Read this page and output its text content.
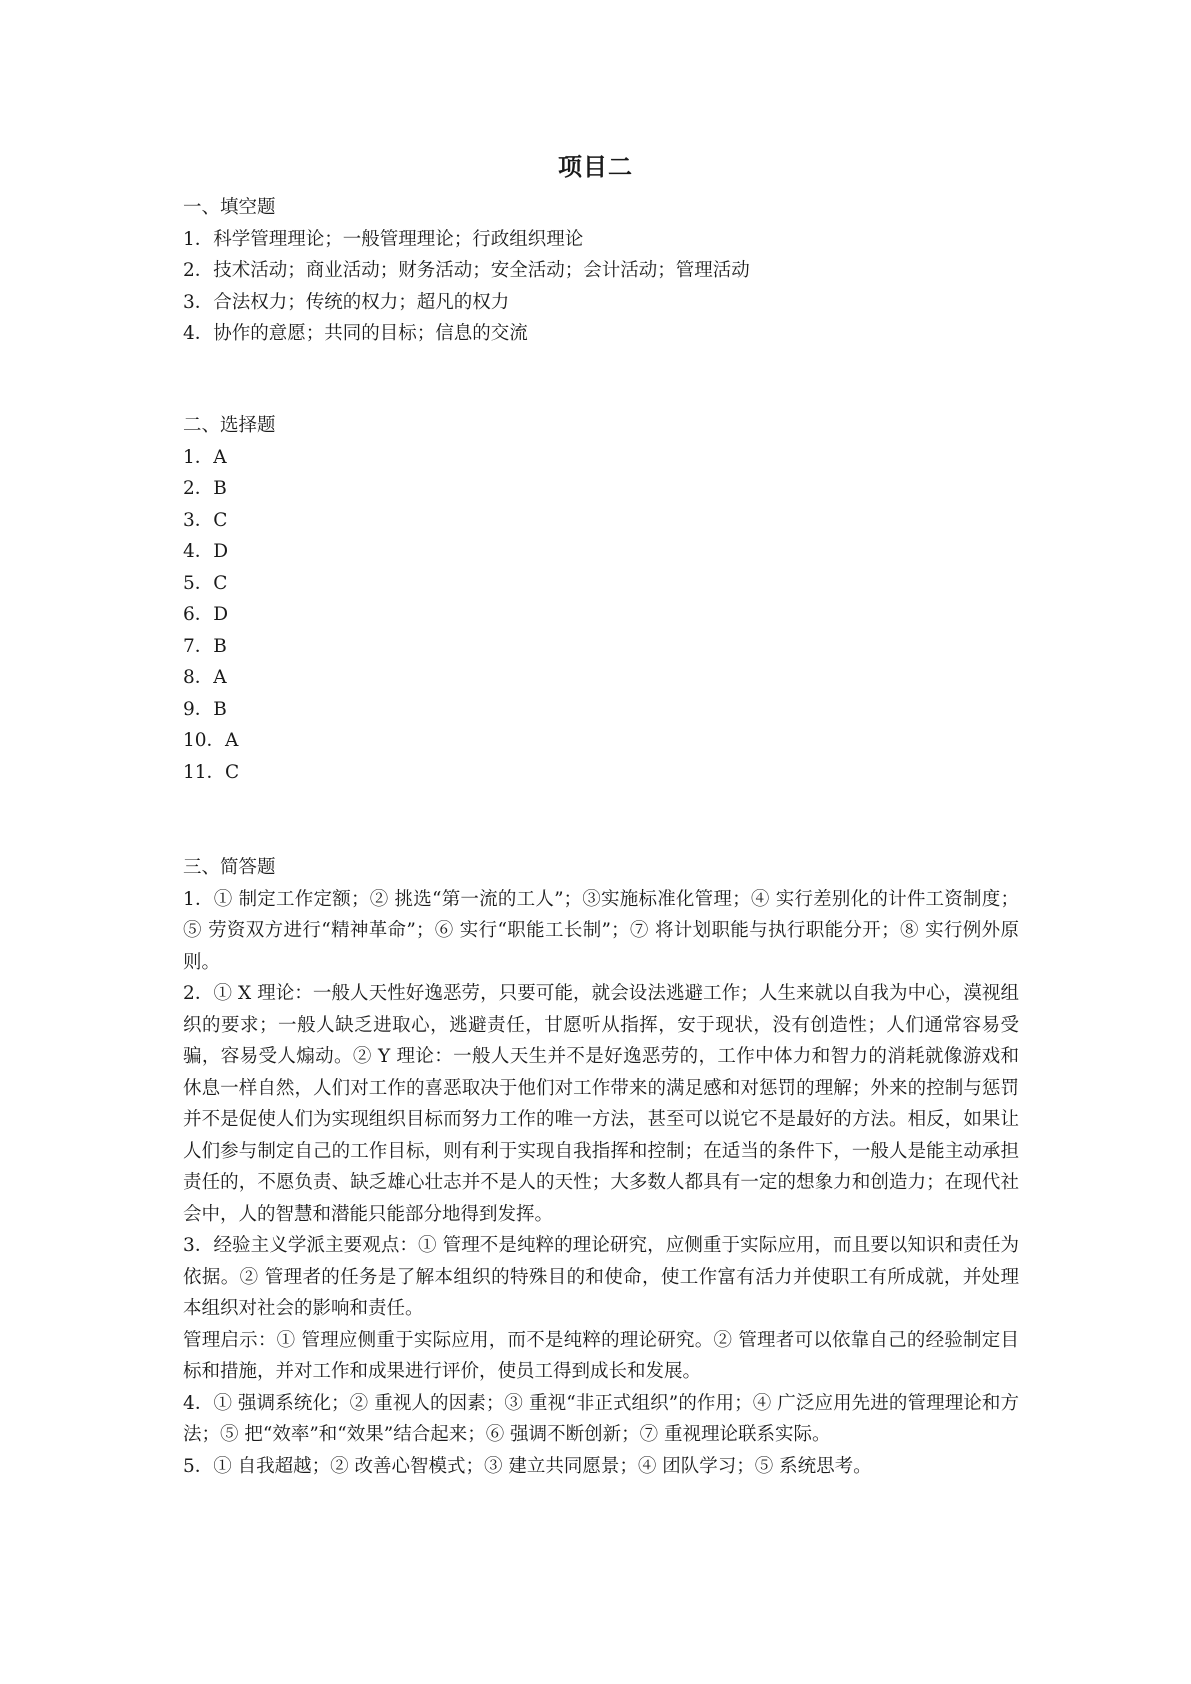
项目二
一、填空题
1．科学管理理论；一般管理理论；行政组织理论
2．技术活动；商业活动；财务活动；安全活动；会计活动；管理活动
3．合法权力；传统的权力；超凡的权力
4．协作的意愿；共同的目标；信息的交流
二、选择题
1．A
2．B
3．C
4．D
5．C
6．D
7．B
8．A
9．B
10．A
11．C
三、简答题
1．① 制定工作定额；② 挑选“第一流的工人”；③实施标准化管理；④ 实行差别化的计件工资制度；⑤ 劳资双方进行“精神革命”；⑥ 实行“职能工长制”；⑦ 将计划职能与执行职能分开；⑧ 实行例外原则。
2．① X 理论：一般人天性好逸恶劳，只要可能，就会设法逃避工作；人生来就以自我为中心，漠视组织的要求；一般人缺乏进取心，逃避责任，甘愿听从指挥，安于现状，没有创造性；人们通常容易受骗，容易受人煽动。② Y 理论：一般人天生并不是好逸恶劳的，工作中体力和智力的消耗就像游戏和休息一样自然，人们对工作的喜恶取决于他们对工作带来的满足感和对惩罚的理解；外来的控制与惩罚并不是促使人们为实现组织目标而努力工作的唯一方法，甚至可以说它不是最好的方法。相反，如果让人们参与制定自己的工作目标，则有利于实现自我指挥和控制；在适当的条件下，一般人是能主动承担责任的，不愿负责、缺乏雄心壮志并不是人的天性；大多数人都具有一定的想象力和创造力；在现代社会中，人的智慧和潜能只能部分地得到发挥。
3．经验主义学派主要观点：① 管理不是纯粹的理论研究，应侧重于实际应用，而且要以知识和责任为依据。② 管理者的任务是了解本组织的特殊目的和使命，使工作富有活力并使职工有所成就，并处理本组织对社会的影响和责任。
管理启示：① 管理应侧重于实际应用，而不是纯粹的理论研究。② 管理者可以依靠自己的经验制定目标和措施，并对工作和成果进行评价，使员工得到成长和发展。
4．① 强调系统化；② 重视人的因素；③ 重视“非正式组织”的作用；④ 广泛应用先进的管理理论和方法；⑤ 把“效率”和“效果”结合起来；⑥ 强调不断创新；⑦ 重视理论联系实际。
5．① 自我超越；② 改善心智模式；③ 建立共同愿景；④ 团队学习；⑤ 系统思考。
